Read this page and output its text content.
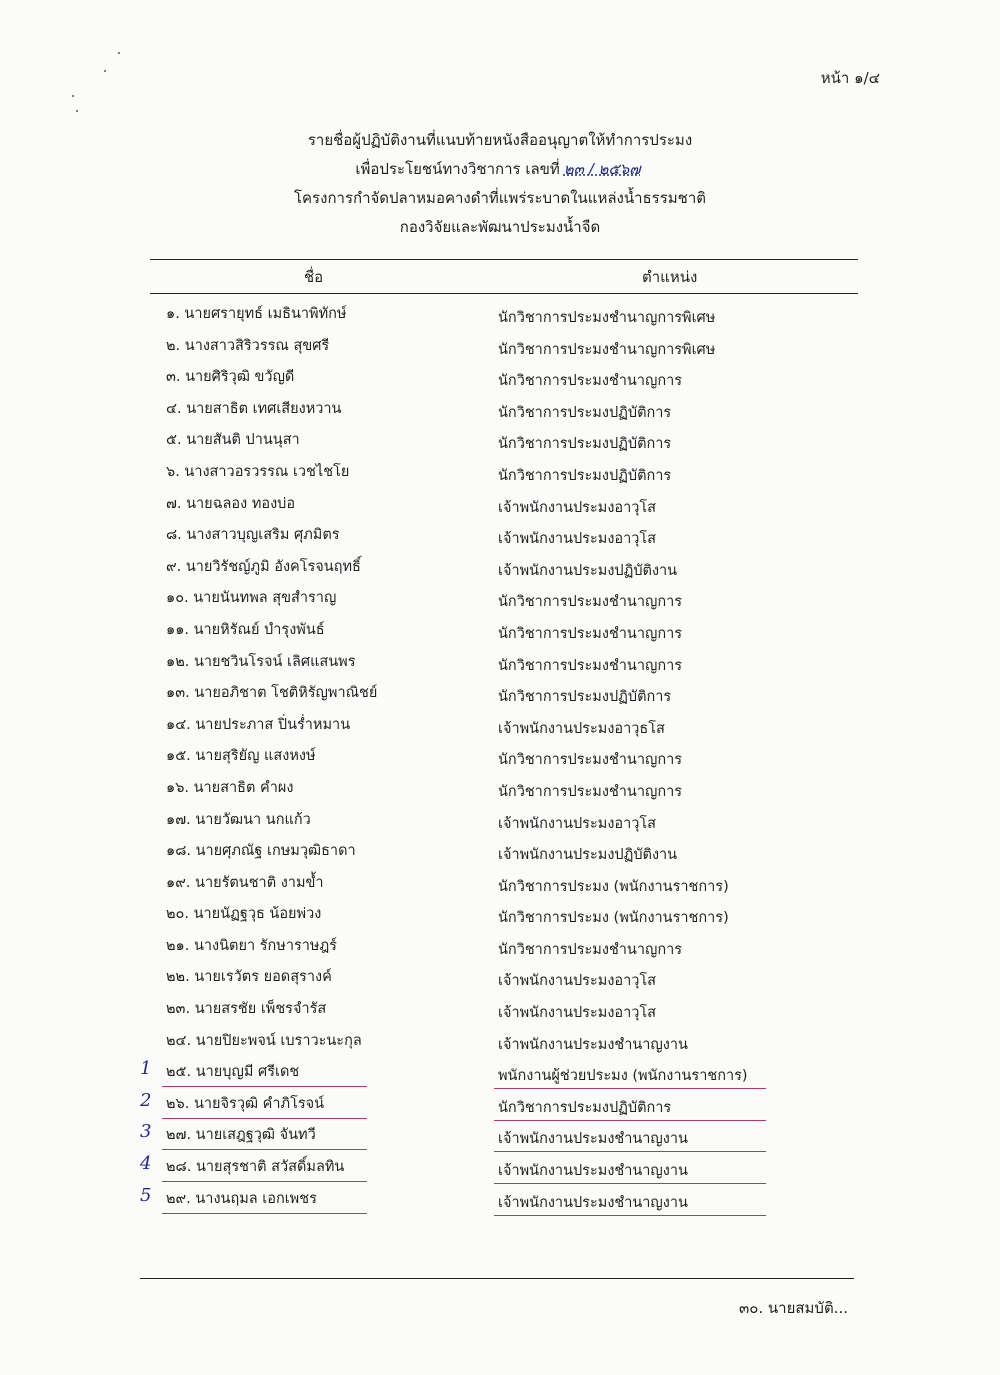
หน้า ๑/๔
รายชื่อผู้ปฏิบัติงานที่แนบท้ายหนังสืออนุญาตให้ทำการประมง
เพื่อประโยชน์ทางวิชาการ เลขที่ ๒๓ / ๒๕๖๗
โครงการกำจัดปลาหมอคางดำที่แพร่ระบาดในแหล่งน้ำธรรมชาติ
กองวิจัยและพัฒนาประมงน้ำจืด
ชื่อ	ตำแหน่ง
๑. นายศรายุทธ์ เมธินาพิทักษ์	นักวิชาการประมงชำนาญการพิเศษ
๒. นางสาวสิริวรรณ สุขศรี	นักวิชาการประมงชำนาญการพิเศษ
๓. นายศิริวุฒิ ขวัญดี	นักวิชาการประมงชำนาญการ
๔. นายสาธิต เทศเสียงหวาน	นักวิชาการประมงปฏิบัติการ
๕. นายสันติ ปานนุสา	นักวิชาการประมงปฏิบัติการ
๖. นางสาวอรวรรณ เวชไชโย	นักวิชาการประมงปฏิบัติการ
๗. นายฉลอง ทองบ่อ	เจ้าพนักงานประมงอาวุโส
๘. นางสาวบุญเสริม ศุภมิตร	เจ้าพนักงานประมงอาวุโส
๙. นายวิรัชญ์ภูมิ อังคโรจนฤทธิ์	เจ้าพนักงานประมงปฏิบัติงาน
๑๐. นายนันทพล สุขสำราญ	นักวิชาการประมงชำนาญการ
๑๑. นายหิรัณย์ บำรุงพันธ์	นักวิชาการประมงชำนาญการ
๑๒. นายชวินโรจน์ เลิศแสนพร	นักวิชาการประมงชำนาญการ
๑๓. นายอภิชาต โชติหิรัญพาณิชย์	นักวิชาการประมงปฏิบัติการ
๑๔. นายประภาส ปิ่นร่ำหมาน	เจ้าพนักงานประมงอาวุธโส
๑๕. นายสุริยัญ แสงหงษ์	นักวิชาการประมงชำนาญการ
๑๖. นายสาธิต คำผง	นักวิชาการประมงชำนาญการ
๑๗. นายวัฒนา นกแก้ว	เจ้าพนักงานประมงอาวุโส
๑๘. นายศุภณัฐ เกษมวุฒิธาดา	เจ้าพนักงานประมงปฏิบัติงาน
๑๙. นายรัตนชาติ งามข้ำ	นักวิชาการประมง (พนักงานราชการ)
๒๐. นายนัฏฐวุธ น้อยพ่วง	นักวิชาการประมง (พนักงานราชการ)
๒๑. นางนิตยา รักษาราษฎร์	นักวิชาการประมงชำนาญการ
๒๒. นายเรวัตร ยอดสุรางค์	เจ้าพนักงานประมงอาวุโส
๒๓. นายสรชัย เพ็ชรจำรัส	เจ้าพนักงานประมงอาวุโส
๒๔. นายปิยะพจน์ เบราวะนะกุล	เจ้าพนักงานประมงชำนาญงาน
1 ๒๕. นายบุญมี ศรีเดช	พนักงานผู้ช่วยประมง (พนักงานราชการ)
2 ๒๖. นายจิรวุฒิ คำภิโรจน์	นักวิชาการประมงปฏิบัติการ
3 ๒๗. นายเสฎฐวุฒิ จันทวี	เจ้าพนักงานประมงชำนาญงาน
4 ๒๘. นายสุรชาติ สวัสดิ์มลทิน	เจ้าพนักงานประมงชำนาญงาน
5 ๒๙. นางนฤมล เอกเพชร	เจ้าพนักงานประมงชำนาญงาน
๓๐. นายสมบัติ...
